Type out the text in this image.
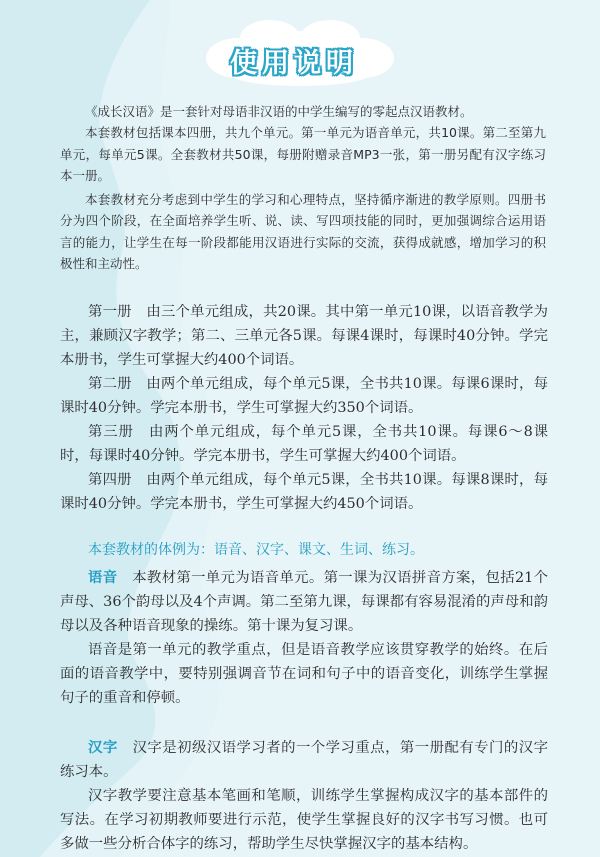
使用说明

《成长汉语》是一套针对母语非汉语的中学生编写的零起点汉语教材。

本套教材包括课本四册，共九个单元。第一单元为语音单元，共10课。第二至第九单元，每单元5课。全套教材共50课，每册附赠录音MP3一张，第一册另配有汉字练习本一册。

本套教材充分考虑到中学生的学习和心理特点，坚持循序渐进的教学原则。四册书分为四个阶段，在全面培养学生听、说、读、写四项技能的同时，更加强调综合运用语言的能力，让学生在每一阶段都能用汉语进行实际的交流，获得成就感，增加学习的积极性和主动性。

第一册　由三个单元组成，共20课。其中第一单元10课，以语音教学为主，兼顾汉字教学；第二、三单元各5课。每课4课时，每课时40分钟。学完本册书，学生可掌握大约400个词语。

第二册　由两个单元组成，每个单元5课，全书共10课。每课6课时，每课时40分钟。学完本册书，学生可掌握大约350个词语。

第三册　由两个单元组成，每个单元5课，全书共10课。每课6～8课时，每课时40分钟。学完本册书，学生可掌握大约400个词语。

第四册　由两个单元组成，每个单元5课，全书共10课。每课8课时，每课时40分钟。学完本册书，学生可掌握大约450个词语。

本套教材的体例为：语音、汉字、课文、生词、练习。

语音　 本教材第一单元为语音单元。第一课为汉语拼音方案，包括21个声母、36个韵母以及4个声调。第二至第九课，每课都有容易混淆的声母和韵母以及各种语音现象的操练。第十课为复习课。

语音是第一单元的教学重点，但是语音教学应该贯穿教学的始终。在后面的语音教学中，要特别强调音节在词和句子中的语音变化，训练学生掌握句子的重音和停顿。

汉字　 汉字是初级汉语学习者的一个学习重点，第一册配有专门的汉字练习本。

汉字教学要注意基本笔画和笔顺，训练学生掌握构成汉字的基本部件的写法。在学习初期教师要进行示范，使学生掌握良好的汉字书写习惯。也可多做一些分析合体字的练习，帮助学生尽快掌握汉字的基本结构。
